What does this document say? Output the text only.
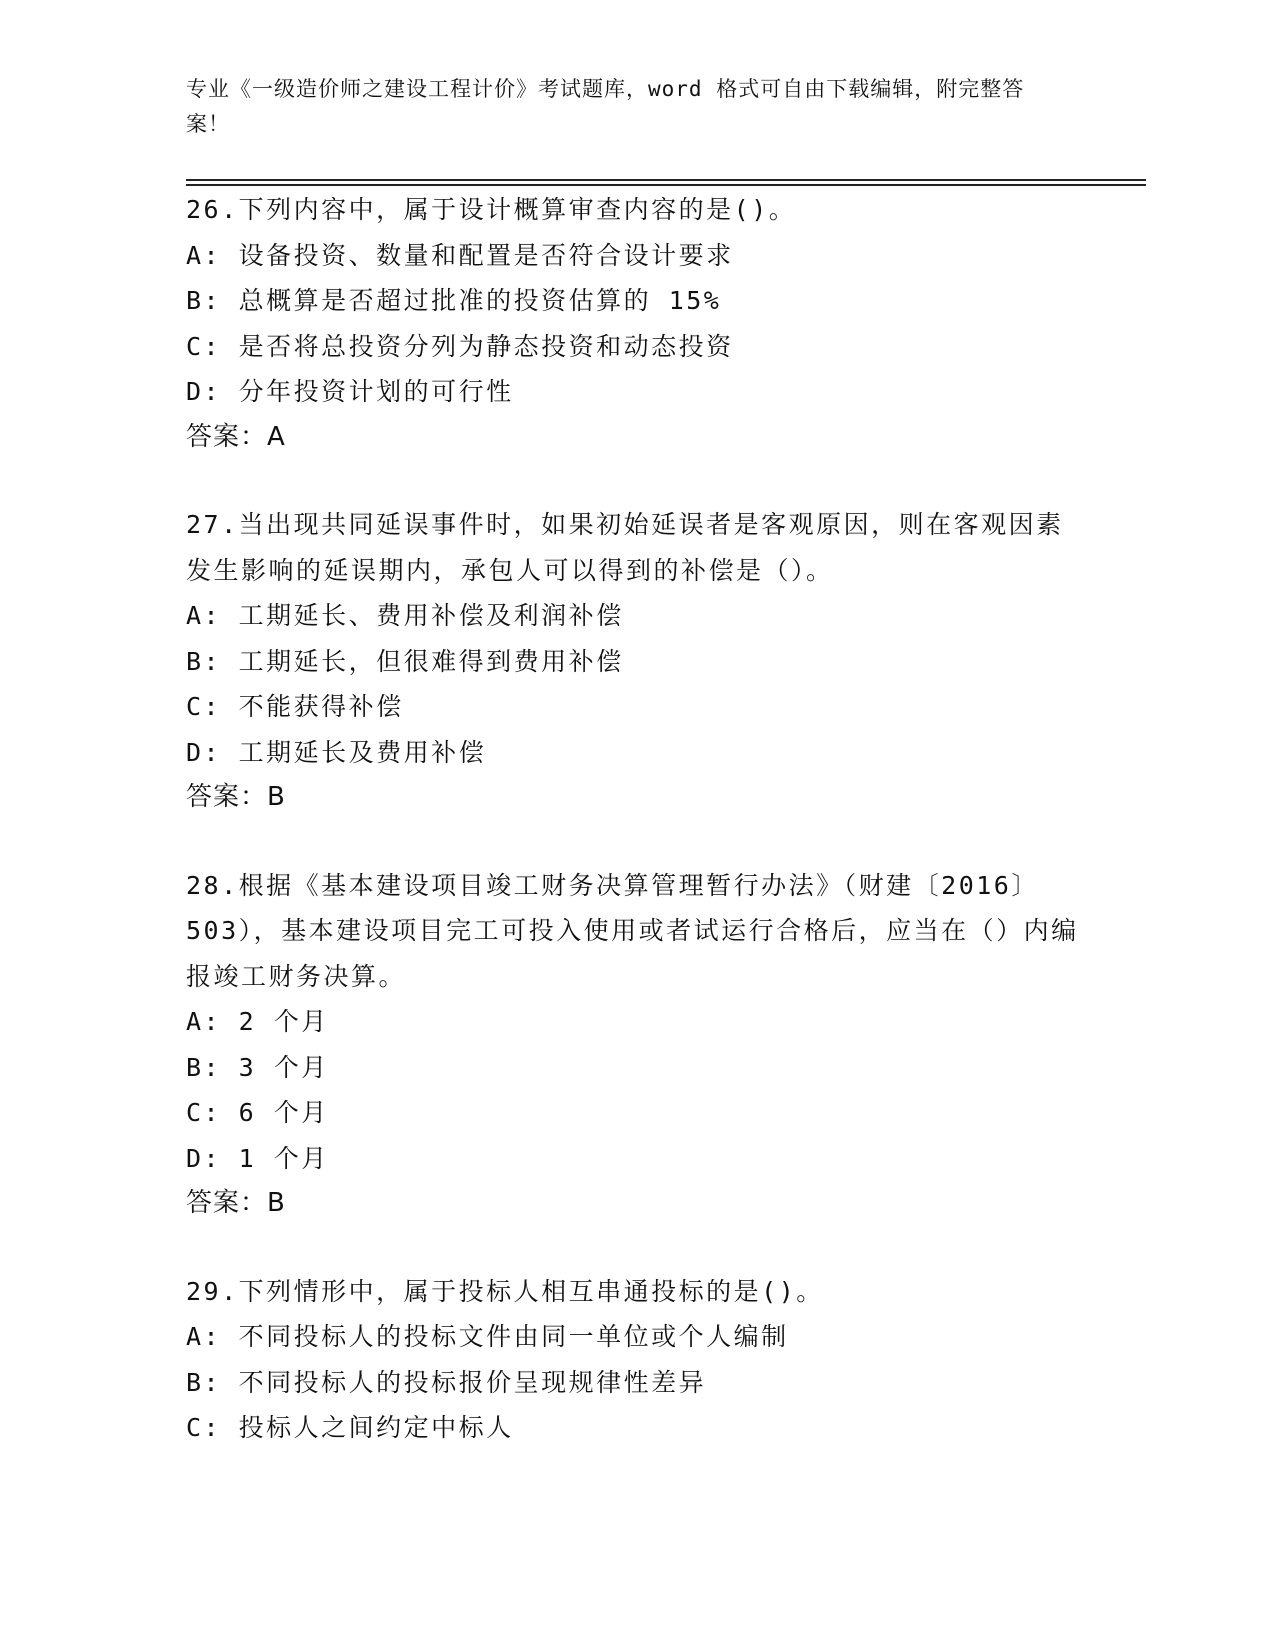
专业《一级造价师之建设工程计价》考试题库，word 格式可自由下载编辑，附完整答案！
26.下列内容中，属于设计概算审查内容的是()。
A: 设备投资、数量和配置是否符合设计要求
B: 总概算是否超过批准的投资估算的 15%
C: 是否将总投资分列为静态投资和动态投资
D: 分年投资计划的可行性
答案：A
27.当出现共同延误事件时，如果初始延误者是客观原因，则在客观因素发生影响的延误期内，承包人可以得到的补偿是（）。
A: 工期延长、费用补偿及利润补偿
B: 工期延长，但很难得到费用补偿
C: 不能获得补偿
D: 工期延长及费用补偿
答案：B
28.根据《基本建设项目竣工财务决算管理暂行办法》（财建〔2016〕503），基本建设项目完工可投入使用或者试运行合格后，应当在（）内编报竣工财务决算。
A: 2 个月
B: 3 个月
C: 6 个月
D: 1 个月
答案：B
29.下列情形中，属于投标人相互串通投标的是()。
A: 不同投标人的投标文件由同一单位或个人编制
B: 不同投标人的投标报价呈现规律性差异
C: 投标人之间约定中标人
